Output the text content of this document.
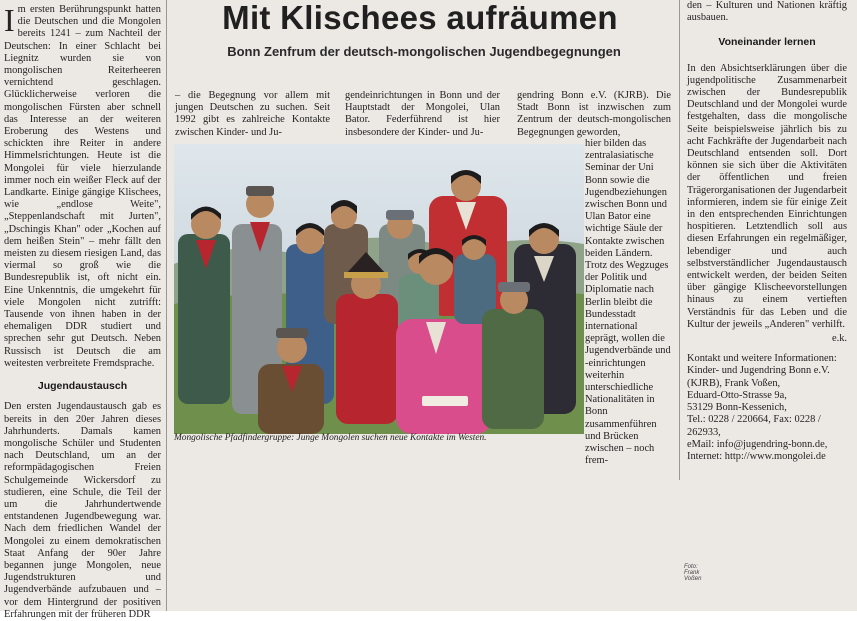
Mit Klischees aufräumen
Bonn Zenfrum der deutsch-mongolischen Jugendbegegnungen

Im ersten Berührungspunkt hatten die Deutschen und die Mongolen bereits 1241 – zum Nachteil der Deutschen: In einer Schlacht bei Liegnitz wurden sie von mongolischen Reiterheeren vernichtend geschlagen. Glücklicherweise verloren die mongolischen Fürsten aber schnell das Interesse an der weiteren Eroberung des Westens und schickten ihre Reiter in andere Himmelsrichtungen. Heute ist die Mongolei für viele hierzulande immer noch ein weißer Fleck auf der Landkarte. Einige gängige Klischees, wie „endlose Weite", „Steppenlandschaft mit Jurten", „Dschingis Khan" oder „Kochen auf dem heißen Stein" – mehr fällt den meisten zu diesem riesigen Land, das viermal so groß wie die Bundesrepublik ist, oft nicht ein. Eine Unkenntnis, die umgekehrt für viele Mongolen nicht zutrifft: Tausende von ihnen haben in der ehemaligen DDR studiert und sprechen sehr gut Deutsch. Neben Russisch ist Deutsch die am weitesten verbreitete Fremdsprache.

Jugendaustausch

Den ersten Jugendaustausch gab es bereits in den 20er Jahren dieses Jahrhunderts. Damals kamen mongolische Schüler und Studenten nach Deutschland, um an der reformpädagogischen Freien Schulgemeinde Wickersdorf zu studieren, eine Schule, die Teil der um die Jahrhundertwende entstandenen Jugendbewegung war. Nach dem friedlichen Wandel der Mongolei zu einem demokratischen Staat Anfang der 90er Jahre begannen junge Mongolen, neue Jugendstrukturen und Jugendverbände aufzubauen und – vor dem Hintergrund der positiven Erfahrungen mit der früheren DDR

– die Begegnung vor allem mit jungen Deutschen zu suchen. Seit 1992 gibt es zahlreiche Kontakte zwischen Kinder- und Ju-

gendeinrichtungen in Bonn und der Hauptstadt der Mongolei, Ulan Bator. Federführend ist hier insbesondere der Kinder- und Ju-

gendring Bonn e.V. (KJRB). Die Stadt Bonn ist inzwischen zum Zentrum der deutsch-mongolischen Begegnungen geworden,

hier bilden das zentralasiatische Seminar der Uni Bonn sowie die Jugendbeziehungen zwischen Bonn und Ulan Bator eine wichtige Säule der Kontakte zwischen beiden Ländern. Trotz des Wegzuges der Politik und Diplomatie nach Berlin bleibt die Bundesstadt international geprägt, wollen die Jugendverbände und -einrichtungen weiterhin unterschiedliche Nationalitäten in Bonn zusammenführen und Brücken zwischen – noch frem-

Foto: Frank Voßen
Mongolische Pfadfindergruppe: Junge Mongolen suchen neue Kontakte im Westen.

den – Kulturen und Nationen kräftig ausbauen.

Voneinander lernen

In den Absichtserklärungen über die jugendpolitische Zusammenarbeit zwischen der Bundesrepublik Deutschland und der Mongolei wurde festgehalten, dass die mongolische Seite beispielsweise jährlich bis zu acht Fachkräfte der Jugendarbeit nach Deutschland entsenden soll. Dort können sie sich über die Aktivitäten der öffentlichen und freien Trägerorganisationen der Jugendarbeit informieren, indem sie für einige Zeit in den entsprechenden Einrichtungen hospitieren. Letztendlich soll aus diesen Erfahrungen ein regelmäßiger, lebendiger und auch selbstverständlicher Jugendaustausch entwickelt werden, der beiden Seiten über gängige Klischeevorstellungen hinaus zu einem vertieften Verständnis für das Leben und die Kultur der jeweils „Anderen" verhilft.

e.k.

Kontakt und weitere Informationen:
Kinder- und Jugendring Bonn e.V.
(KJRB), Frank Voßen,
Eduard-Otto-Strasse 9a,
53129 Bonn-Kessenich,
Tel.: 0228 / 220664, Fax: 0228 / 262933,
eMail: info@jugendring-bonn.de,
Internet: http://www.mongolei.de
